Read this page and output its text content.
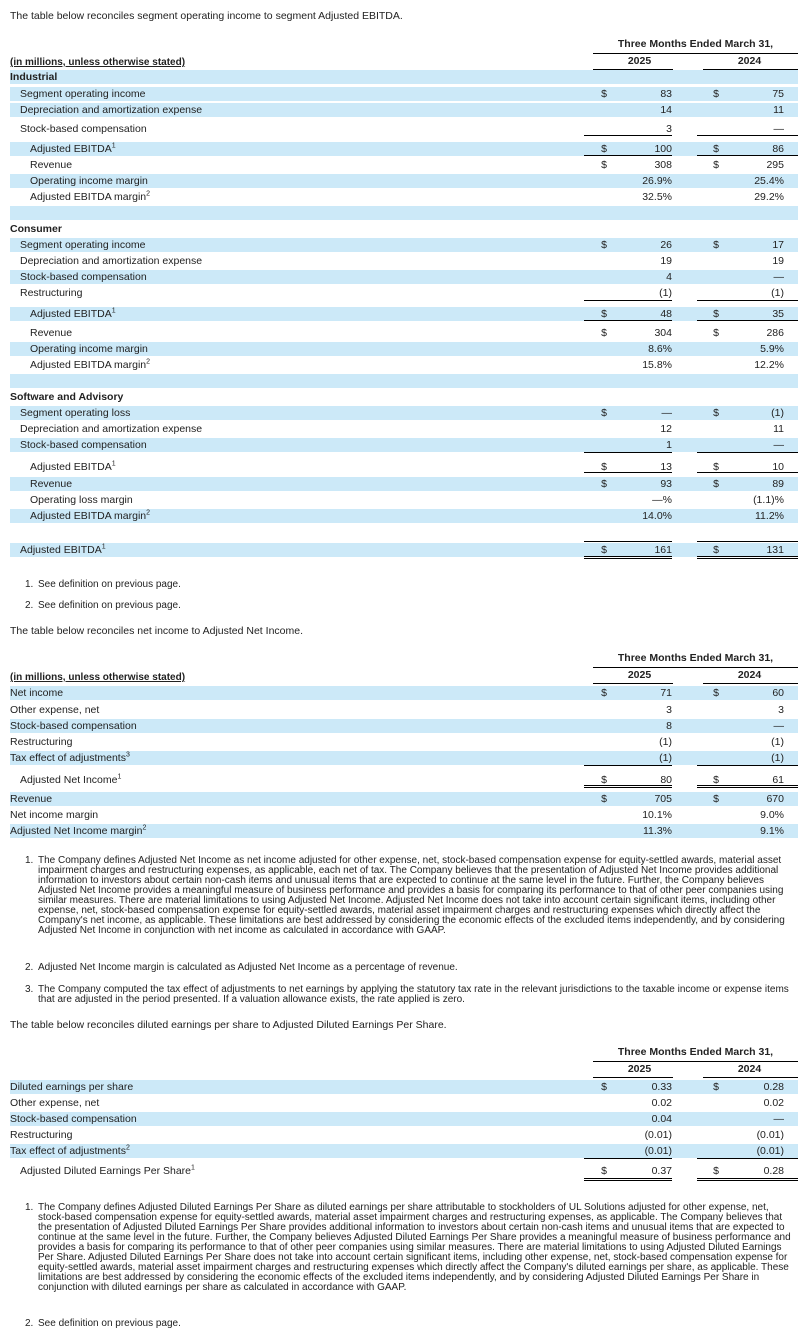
The table below reconciles segment operating income to segment Adjusted EBITDA.

Three Months Ended March 31,
2025	2024
(in millions, unless otherwise stated)
Industrial
Segment operating income	$	83	$	75
Depreciation and amortization expense	14	11
Stock-based compensation	3	—
Adjusted EBITDA$^1$	$	100	$	86
Revenue	$	308	$	295
Operating income margin	26.9%	25.4%
Adjusted EBITDA margin$^2$	32.5%	29.2%
Consumer
Segment operating income	$	26	$	17
Depreciation and amortization expense	19	19
Stock-based compensation	4	—
Restructuring	(1)	(1)
Adjusted EBITDA$^1$	$	48	$	35
Revenue	$	304	$	286
Operating income margin	8.6%	5.9%
Adjusted EBITDA margin$^2$	15.8%	12.2%
Software and Advisory
Segment operating loss	$	—	$	(1)
Depreciation and amortization expense	12	11
Stock-based compensation	1	—
Adjusted EBITDA$^1$	$	13	$	10
Revenue	$	93	$	89
Operating loss margin	—%	(1.1)%
Adjusted EBITDA margin$^2$	14.0%	11.2%
Adjusted EBITDA$^1$	$	161	$	131

1. See definition on previous page.

2. See definition on previous page.

The table below reconciles net income to Adjusted Net Income.

Three Months Ended March 31,
2025	2024
(in millions, unless otherwise stated)
Net income	$	71	$	60
Other expense, net	3	3
Stock-based compensation	8	—
Restructuring	(1)	(1)
Tax effect of adjustments$^3$	(1)	(1)
Adjusted Net Income$^1$	$	80	$	61
Revenue	$	705	$	670
Net income margin	10.1%	9.0%
Adjusted Net Income margin$^2$	11.3%	9.1%

1. The Company defines Adjusted Net Income as net income adjusted for other expense, net, stock-based compensation expense for equity-settled awards, material asset impairment charges and restructuring expenses, as applicable, each net of tax. The Company believes that the presentation of Adjusted Net Income provides additional information to investors about certain non-cash items and unusual items that are expected to continue at the same level in the future. Further, the Company believes Adjusted Net Income provides a meaningful measure of business performance and provides a basis for comparing its performance to that of other peer companies using similar measures. There are material limitations to using Adjusted Net Income. Adjusted Net Income does not take into account certain significant items, including other expense, net, stock-based compensation expense for equity-settled awards, material asset impairment charges and restructuring expenses which directly affect the Company's net income, as applicable. These limitations are best addressed by considering the economic effects of the excluded items independently, and by considering Adjusted Net Income in conjunction with net income as calculated in accordance with GAAP.

2. Adjusted Net Income margin is calculated as Adjusted Net Income as a percentage of revenue.

3. The Company computed the tax effect of adjustments to net earnings by applying the statutory tax rate in the relevant jurisdictions to the taxable income or expense items that are adjusted in the period presented. If a valuation allowance exists, the rate applied is zero.

The table below reconciles diluted earnings per share to Adjusted Diluted Earnings Per Share.

Three Months Ended March 31,
2025	2024
Diluted earnings per share	$	0.33	$	0.28
Other expense, net	0.02	0.02
Stock-based compensation	0.04	—
Restructuring	(0.01)	(0.01)
Tax effect of adjustments$^2$	(0.01)	(0.01)
Adjusted Diluted Earnings Per Share$^1$	$	0.37	$	0.28

1. The Company defines Adjusted Diluted Earnings Per Share as diluted earnings per share attributable to stockholders of UL Solutions adjusted for other expense, net, stock-based compensation expense for equity-settled awards, material asset impairment charges and restructuring expenses, as applicable. The Company believes that the presentation of Adjusted Diluted Earnings Per Share provides additional information to investors about certain non-cash items and unusual items that are expected to continue at the same level in the future. Further, the Company believes Adjusted Diluted Earnings Per Share provides a meaningful measure of business performance and provides a basis for comparing its performance to that of other peer companies using similar measures. There are material limitations to using Adjusted Diluted Earnings Per Share. Adjusted Diluted Earnings Per Share does not take into account certain significant items, including other expense, net, stock-based compensation expense for equity-settled awards, material asset impairment charges and restructuring expenses which directly affect the Company's diluted earnings per share, as applicable. These limitations are best addressed by considering the economic effects of the excluded items independently, and by considering Adjusted Diluted Earnings Per Share in conjunction with diluted earnings per share as calculated in accordance with GAAP.

2. See definition on previous page.
